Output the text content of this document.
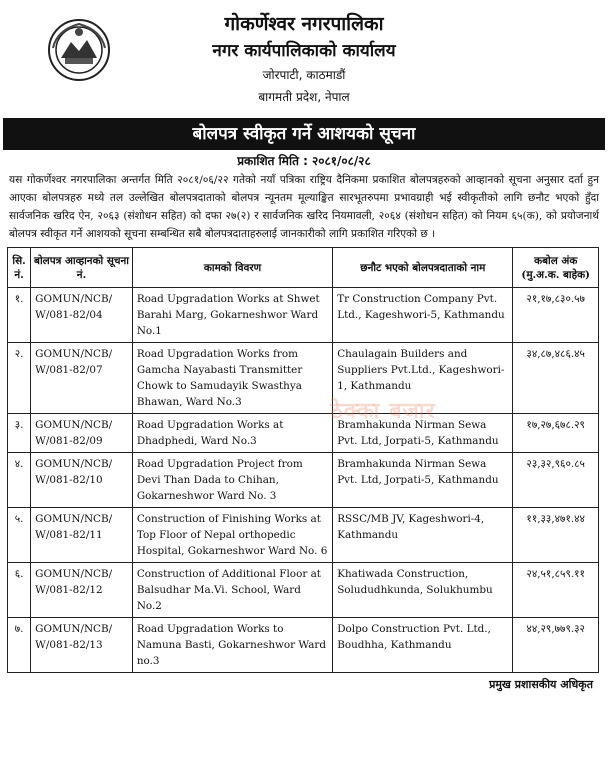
गोकर्णेश्वर नगरपालिका
नगर कार्यपालिकाको कार्यालय
जोरपाटी, काठमाडौं
बागमती प्रदेश, नेपाल
बोलपत्र स्वीकृत गर्ने आशयको सूचना
प्रकाशित मिति : २०८१/०८/२८
यस गोकर्णेश्वर नगरपालिका अन्तर्गत मिति २०८१/०६/२२ गतेको नयाँ पत्रिका राष्ट्रिय दैनिकमा प्रकाशित बोलपत्रहरुको आव्हानको सूचना अनुसार दर्ता हुन आएका बोलपत्रहरु मध्ये तल उल्लेखित बोलपत्रदाताको बोलपत्र न्यूनतम मूल्याङ्कित सारभूतरुपमा प्रभावग्राही भई स्वीकृतीको लागि छनौट भएको हुँदा सार्वजनिक खरिद ऐन, २०६३ (संशोधन सहित) को दफा २७(२) र सार्वजनिक खरिद नियमावली, २०६४ (संशोधन सहित) को नियम ६५(क), को प्रयोजनार्थ बोलपत्र स्वीकृत गर्ने आशयको सूचना सम्बन्धित सबै बोलपत्रदाताहरुलाई जानकारीको लागि प्रकाशित गरिएको छ ।
सि. नं.	बोलपत्र आव्हानको सूचना नं.	कामको विवरण	छनौट भएको बोलपत्रदाताको नाम	कबोल अंक (मु.अ.क. बाहेक)
१.	GOMUN/NCB/ W/081-82/04	Road Upgradation Works at Shwet Barahi Marg, Gokarneshwor Ward No.1	Tr Construction Company Pvt. Ltd., Kageshwori-5, Kathmandu	२१,१७,८३०.५७
२.	GOMUN/NCB/ W/081-82/07	Road Upgradation Works from Gamcha Nayabasti Transmitter Chowk to Samudayik Swasthya Bhawan, Ward No.3	Chaulagain Builders and Suppliers Pvt.Ltd., Kageshwori-1, Kathmandu	३४,८७,४८६.४५
३.	GOMUN/NCB/ W/081-82/09	Road Upgradation Works at Dhadphedi, Ward No.3	Bramhakunda Nirman Sewa Pvt. Ltd, Jorpati-5, Kathmandu	१७,२७,६७८.२९
४.	GOMUN/NCB/ W/081-82/10	Road Upgradation Project from Devi Than Dada to Chihan, Gokarneshwor Ward No. 3	Bramhakunda Nirman Sewa Pvt. Ltd, Jorpati-5, Kathmandu	२३,३२,९६०.८५
५.	GOMUN/NCB/ W/081-82/11	Construction of Finishing Works at Top Floor of Nepal orthopedic Hospital, Gokarneshwor Ward No. 6	RSSC/MB JV, Kageshwori-4, Kathmandu	११,३३,४७१.४४
६.	GOMUN/NCB/ W/081-82/12	Construction of Additional Floor at Balsudhar Ma.Vi. School, Ward No.2	Khatiwada Construction, Solududhkunda, Solukhumbu	२४,५१,८५९.११
७.	GOMUN/NCB/ W/081-82/13	Road Upgradation Works to Namuna Basti, Gokarneshwor Ward no.3	Dolpo Construction Pvt. Ltd., Boudhha, Kathmandu	४४,२९,७७९.३२
प्रमुख प्रशासकीय अधिकृत
ठेक्का बजार
